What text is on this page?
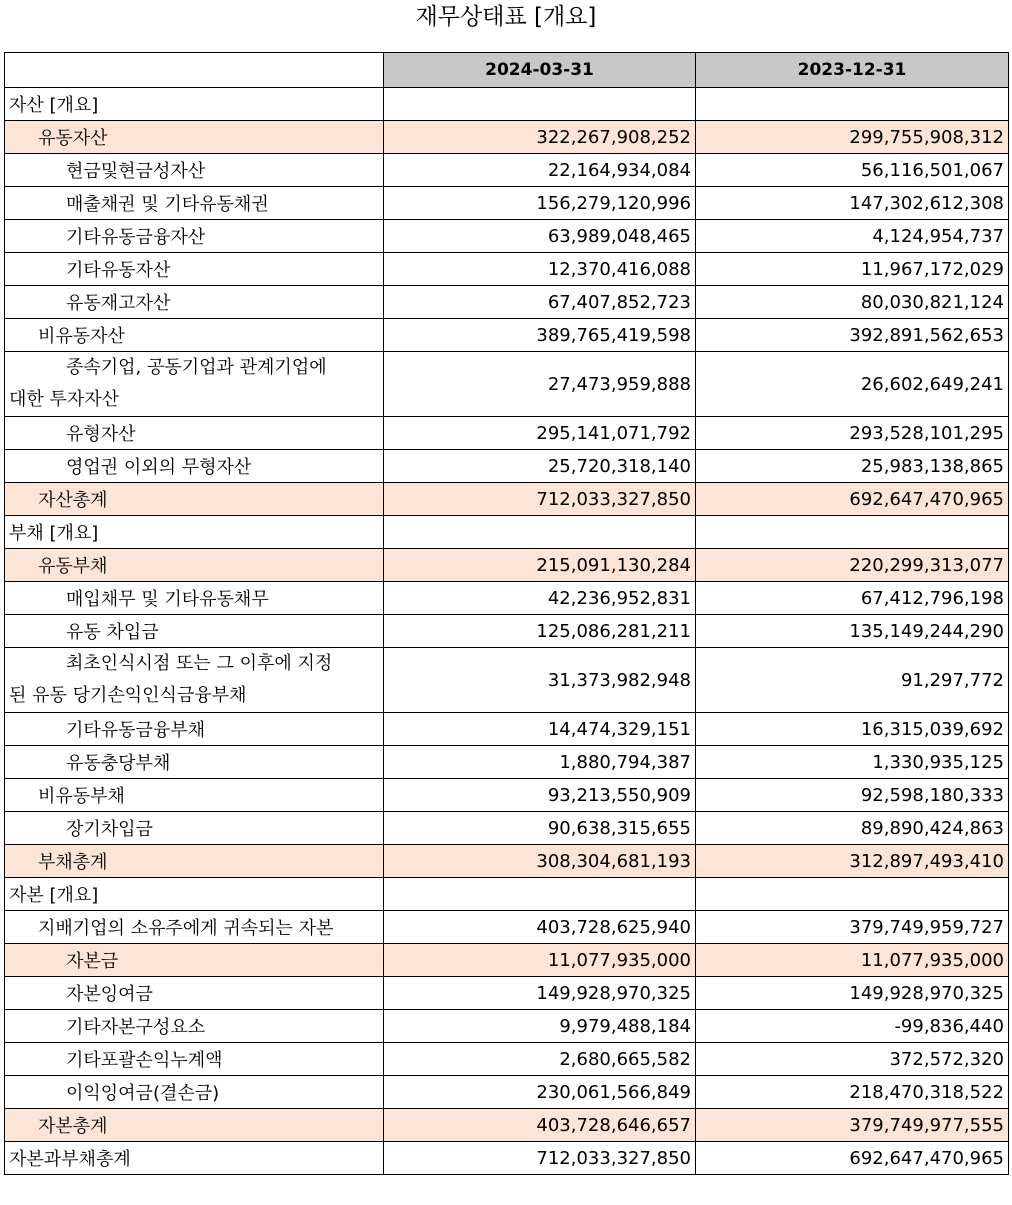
재무상태표 [개요]
	2024-03-31	2023-12-31
자산 [개요]		
유동자산	322,267,908,252	299,755,908,312
현금및현금성자산	22,164,934,084	56,116,501,067
매출채권 및 기타유동채권	156,279,120,996	147,302,612,308
기타유동금융자산	63,989,048,465	4,124,954,737
기타유동자산	12,370,416,088	11,967,172,029
유동재고자산	67,407,852,723	80,030,821,124
비유동자산	389,765,419,598	392,891,562,653
종속기업, 공동기업과 관계기업에
대한 투자자산	27,473,959,888	26,602,649,241
유형자산	295,141,071,792	293,528,101,295
영업권 이외의 무형자산	25,720,318,140	25,983,138,865
자산총계	712,033,327,850	692,647,470,965
부채 [개요]		
유동부채	215,091,130,284	220,299,313,077
매입채무 및 기타유동채무	42,236,952,831	67,412,796,198
유동 차입금	125,086,281,211	135,149,244,290
최초인식시점 또는 그 이후에 지정
된 유동 당기손익인식금융부채	31,373,982,948	91,297,772
기타유동금융부채	14,474,329,151	16,315,039,692
유동충당부채	1,880,794,387	1,330,935,125
비유동부채	93,213,550,909	92,598,180,333
장기차입금	90,638,315,655	89,890,424,863
부채총계	308,304,681,193	312,897,493,410
자본 [개요]		
지배기업의 소유주에게 귀속되는 자본	403,728,625,940	379,749,959,727
자본금	11,077,935,000	11,077,935,000
자본잉여금	149,928,970,325	149,928,970,325
기타자본구성요소	9,979,488,184	-99,836,440
기타포괄손익누계액	2,680,665,582	372,572,320
이익잉여금(결손금)	230,061,566,849	218,470,318,522
자본총계	403,728,646,657	379,749,977,555
자본과부채총계	712,033,327,850	692,647,470,965
